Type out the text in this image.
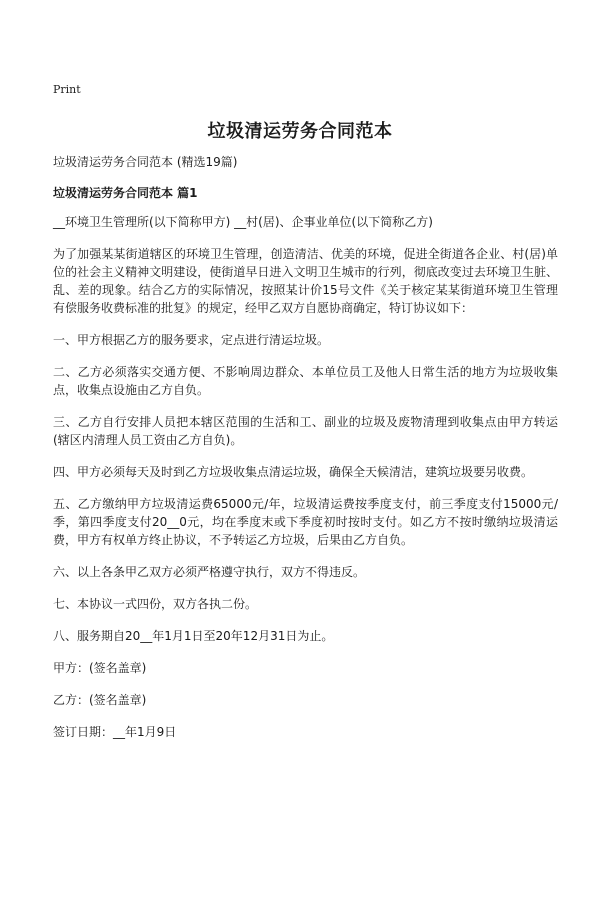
Print
垃圾清运劳务合同范本

垃圾清运劳务合同范本 (精选19篇)

垃圾清运劳务合同范本 篇1

__环境卫生管理所(以下简称甲方) __村(居)、企事业单位(以下简称乙方)

为了加强某某街道辖区的环境卫生管理，创造清洁、优美的环境，促进全街道各企业、村(居)单位的社会主义精神文明建设，使街道早日进入文明卫生城市的行列，彻底改变过去环境卫生脏、乱、差的现象。结合乙方的实际情况，按照某计价15号文件《关于核定某某街道环境卫生管理有偿服务收费标准的批复》的规定，经甲乙双方自愿协商确定，特订协议如下：

一、甲方根据乙方的服务要求，定点进行清运垃圾。

二、乙方必须落实交通方便、不影响周边群众、本单位员工及他人日常生活的地方为垃圾收集点，收集点设施由乙方自负。

三、乙方自行安排人员把本辖区范围的生活和工、副业的垃圾及废物清理到收集点由甲方转运(辖区内清理人员工资由乙方自负)。

四、甲方必须每天及时到乙方垃圾收集点清运垃圾，确保全天候清洁，建筑垃圾要另收费。

五、乙方缴纳甲方垃圾清运费65000元/年，垃圾清运费按季度支付，前三季度支付15000元/季，第四季度支付20__0元，均在季度末或下季度初时按时支付。如乙方不按时缴纳垃圾清运费，甲方有权单方终止协议，不予转运乙方垃圾，后果由乙方自负。

六、以上各条甲乙双方必须严格遵守执行，双方不得违反。

七、本协议一式四份，双方各执二份。

八、服务期自20__年1月1日至20年12月31日为止。

甲方：(签名盖章)

乙方：(签名盖章)

签订日期：__年1月9日
